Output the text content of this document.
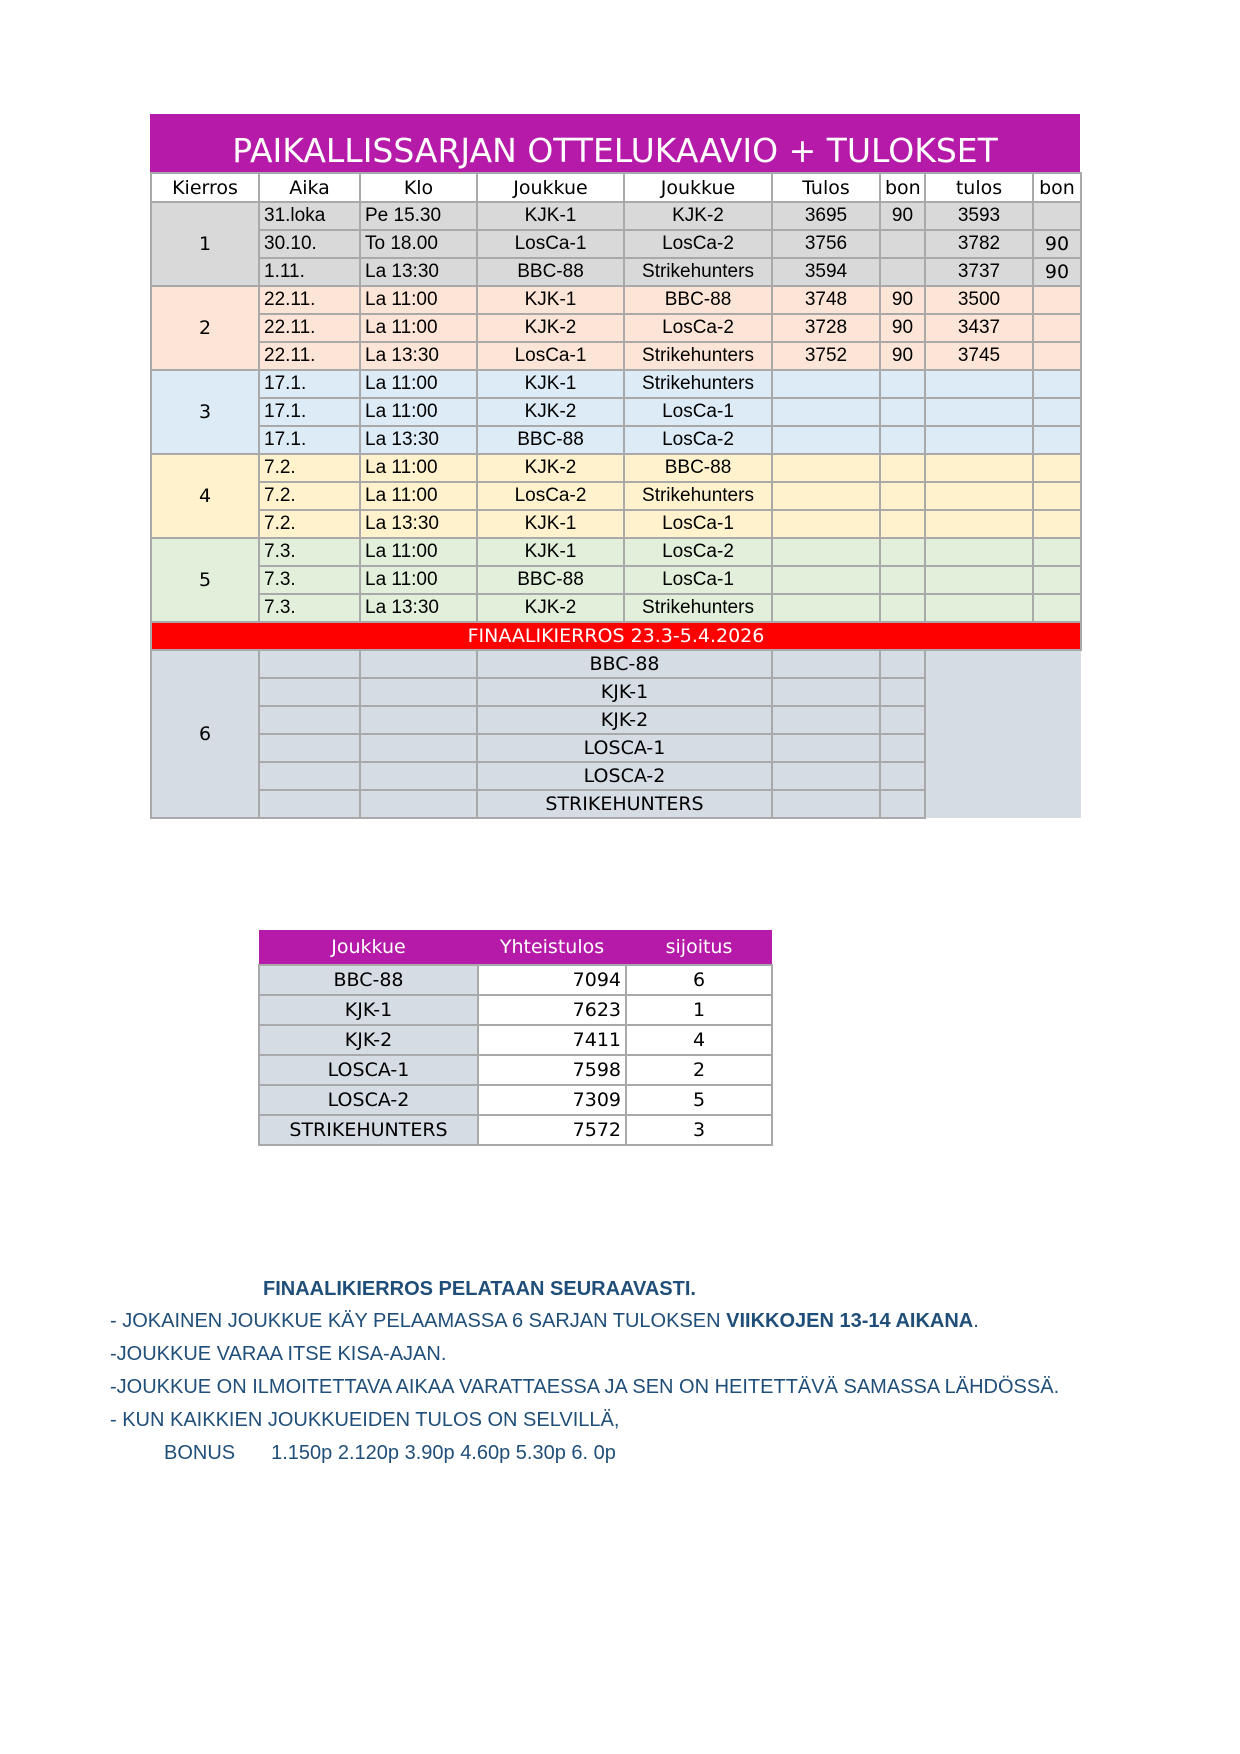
PAIKALLISSARJAN OTTELUKAAVIO + TULOKSET
Kierros	Aika	Klo	Joukkue	Joukkue	Tulos	bon	tulos	bon
1	31.loka	Pe 15.30	KJK-1	KJK-2	3695	90	3593	
	30.10.	To 18.00	LosCa-1	LosCa-2	3756		3782	90
	1.11.	La 13:30	BBC-88	Strikehunters	3594		3737	90
2	22.11.	La 11:00	KJK-1	BBC-88	3748	90	3500	
	22.11.	La 11:00	KJK-2	LosCa-2	3728	90	3437	
	22.11.	La 13:30	LosCa-1	Strikehunters	3752	90	3745	
3	17.1.	La 11:00	KJK-1	Strikehunters				
	17.1.	La 11:00	KJK-2	LosCa-1				
	17.1.	La 13:30	BBC-88	LosCa-2				
4	7.2.	La 11:00	KJK-2	BBC-88				
	7.2.	La 11:00	LosCa-2	Strikehunters				
	7.2.	La 13:30	KJK-1	LosCa-1				
5	7.3.	La 11:00	KJK-1	LosCa-2				
	7.3.	La 11:00	BBC-88	LosCa-1				
	7.3.	La 13:30	KJK-2	Strikehunters				
FINAALIKIERROS 23.3-5.4.2026								
6			BBC-88					
			KJK-1					
			KJK-2					
			LOSCA-1					
			LOSCA-2					
			STRIKEHUNTERS					
Joukkue	Yhteistulos	sijoitus
BBC-88	7094	6
KJK-1	7623	1
KJK-2	7411	4
LOSCA-1	7598	2
LOSCA-2	7309	5
STRIKEHUNTERS	7572	3
FINAALIKIERROS PELATAAN SEURAAVASTI.
- JOKAINEN JOUKKUE KÄY PELAAMASSA 6 SARJAN TULOKSEN VIIKKOJEN 13-14 AIKANA.
-JOUKKUE VARAA ITSE KISA-AJAN.
-JOUKKUE ON ILMOITETTAVA AIKAA VARATTAESSA JA SEN ON HEITETTÄVÄ SAMASSA LÄHDÖSSÄ.
- KUN KAIKKIEN JOUKKUEIDEN TULOS ON SELVILLÄ,
BONUS 1.150p 2.120p 3.90p 4.60p 5.30p 6. 0p
